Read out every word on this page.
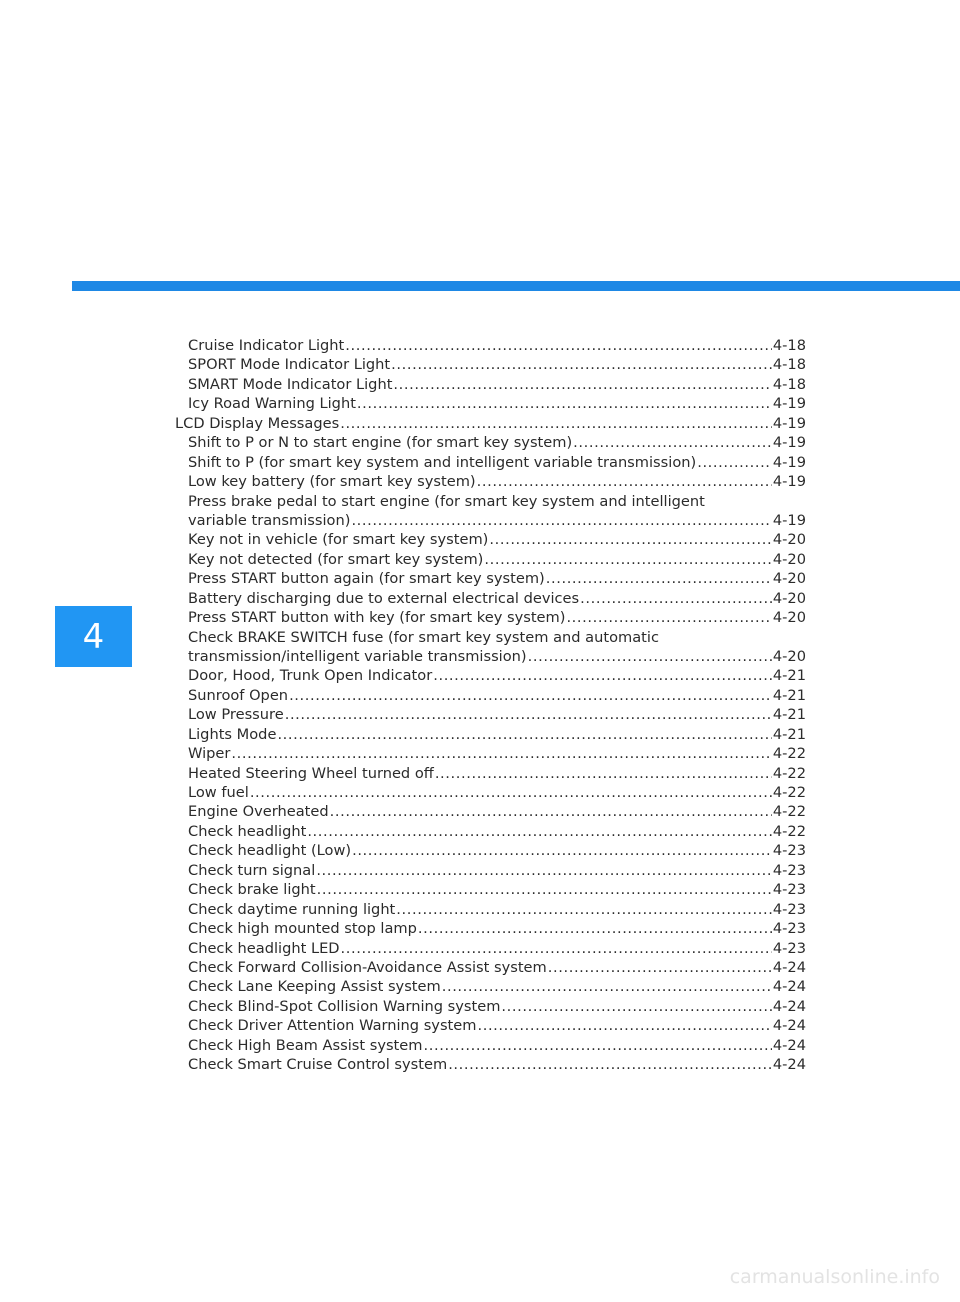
4
Cruise Indicator Light .....	4-18
SPORT Mode Indicator Light .....	4-18
SMART Mode Indicator Light .....	4-18
Icy Road Warning Light .....	4-19
LCD Display Messages .....	4-19
Shift to P or N to start engine (for smart key system) .....	4-19
Shift to P (for smart key system and intelligent variable transmission) .....	4-19
Low key battery (for smart key system) .....	4-19
Press brake pedal to start engine (for smart key system and intelligent
variable transmission) .....	4-19
Key not in vehicle (for smart key system) .....	4-20
Key not detected (for smart key system) .....	4-20
Press START button again (for smart key system) .....	4-20
Battery discharging due to external electrical devices .....	4-20
Press START button with key (for smart key system) .....	4-20
Check BRAKE SWITCH fuse (for smart key system and automatic
transmission/intelligent variable transmission) .....	4-20
Door, Hood, Trunk Open Indicator .....	4-21
Sunroof Open .....	4-21
Low Pressure .....	4-21
Lights Mode .....	4-21
Wiper .....	4-22
Heated Steering Wheel turned off .....	4-22
Low fuel .....	4-22
Engine Overheated .....	4-22
Check headlight .....	4-22
Check headlight (Low) .....	4-23
Check turn signal .....	4-23
Check brake light .....	4-23
Check daytime running light .....	4-23
Check high mounted stop lamp .....	4-23
Check headlight LED .....	4-23
Check Forward Collision-Avoidance Assist system .....	4-24
Check Lane Keeping Assist system .....	4-24
Check Blind-Spot Collision Warning system .....	4-24
Check Driver Attention Warning system .....	4-24
Check High Beam Assist system .....	4-24
Check Smart Cruise Control system .....	4-24
carmanualsonline.info
